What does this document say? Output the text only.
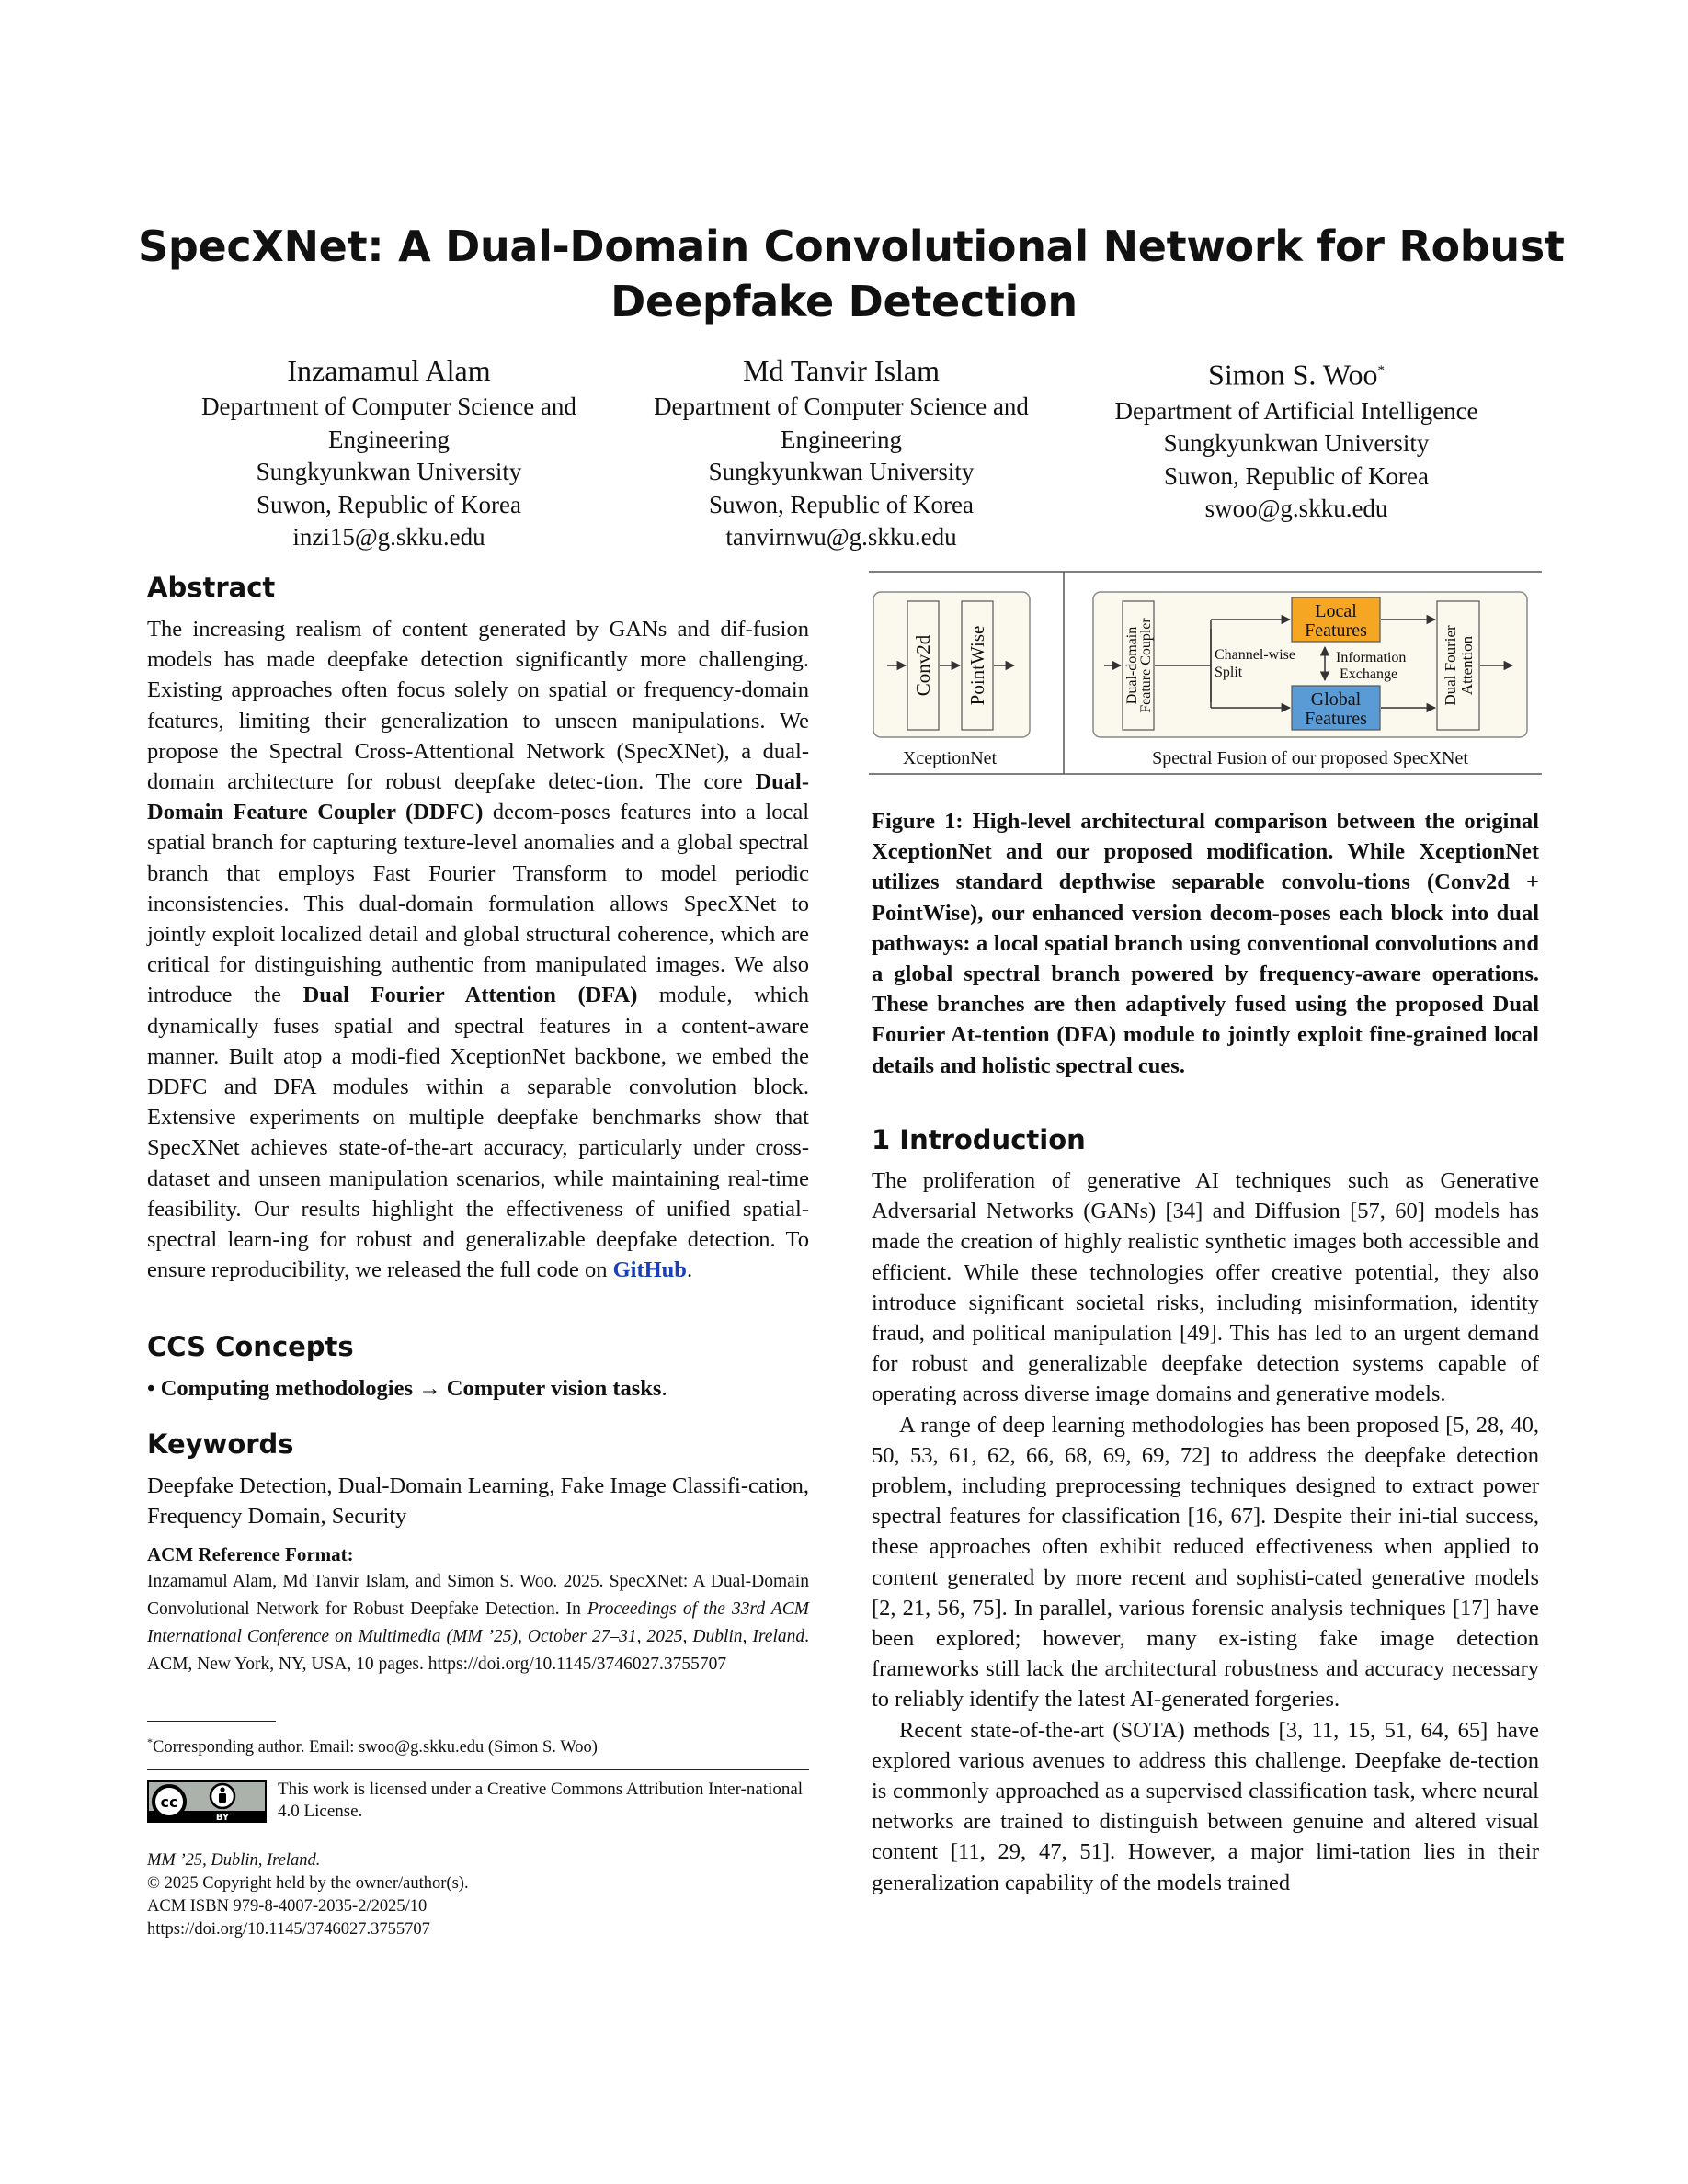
SpecXNet: A Dual-Domain Convolutional Network for Robust
Deepfake Detection
Inzamamul Alam
Department of Computer Science and
Engineering
Sungkyunkwan University
Suwon, Republic of Korea
inzi15@g.skku.edu
Md Tanvir Islam
Department of Computer Science and
Engineering
Sungkyunkwan University
Suwon, Republic of Korea
tanvirnwu@g.skku.edu
Simon S. Woo*
Department of Artificial Intelligence
Sungkyunkwan University
Suwon, Republic of Korea
swoo@g.skku.edu
Abstract

The increasing realism of content generated by GANs and dif-fusion models has made deepfake detection significantly more challenging. Existing approaches often focus solely on spatial or frequency-domain features, limiting their generalization to unseen manipulations. We propose the Spectral Cross-Attentional Network (SpecXNet), a dual-domain architecture for robust deepfake detec-tion. The core Dual-Domain Feature Coupler (DDFC) decom-poses features into a local spatial branch for capturing texture-level anomalies and a global spectral branch that employs Fast Fourier Transform to model periodic inconsistencies. This dual-domain formulation allows SpecXNet to jointly exploit localized detail and global structural coherence, which are critical for distinguishing authentic from manipulated images. We also introduce the Dual Fourier Attention (DFA) module, which dynamically fuses spatial and spectral features in a content-aware manner. Built atop a modi-fied XceptionNet backbone, we embed the DDFC and DFA modules within a separable convolution block. Extensive experiments on multiple deepfake benchmarks show that SpecXNet achieves state-of-the-art accuracy, particularly under cross-dataset and unseen manipulation scenarios, while maintaining real-time feasibility. Our results highlight the effectiveness of unified spatial-spectral learn-ing for robust and generalizable deepfake detection. To ensure reproducibility, we released the full code on GitHub.

CCS Concepts

• Computing methodologies → Computer vision tasks.

Keywords

Deepfake Detection, Dual-Domain Learning, Fake Image Classifi-cation, Frequency Domain, Security

ACM Reference Format:
Inzamamul Alam, Md Tanvir Islam, and Simon S. Woo. 2025. SpecXNet: A Dual-Domain Convolutional Network for Robust Deepfake Detection. In Proceedings of the 33rd ACM International Conference on Multimedia (MM ’25), October 27–31, 2025, Dublin, Ireland. ACM, New York, NY, USA, 10 pages. https://doi.org/10.1145/3746027.3755707
*Corresponding author. Email: swoo@g.skku.edu (Simon S. Woo)
cc
BY
This work is licensed under a Creative Commons Attribution Inter-national 4.0 License.
MM ’25, Dublin, Ireland.
© 2025 Copyright held by the owner/author(s).
ACM ISBN 979-8-4007-2035-2/2025/10
https://doi.org/10.1145/3746027.3755707
Conv2d PointWise
XceptionNet
Dual-domain
Feature Coupler	Channel-wise
Split
Local
Features
Global
Features
Information
Exchange	Dual Fourier Attention
Spectral Fusion of our proposed SpecXNet
Figure 1: High-level architectural comparison between the original XceptionNet and our proposed modification. While XceptionNet utilizes standard depthwise separable convolu-tions (Conv2d + PointWise), our enhanced version decom-poses each block into dual pathways: a local spatial branch using conventional convolutions and a global spectral branch powered by frequency-aware operations. These branches are then adaptively fused using the proposed Dual Fourier At-tention (DFA) module to jointly exploit fine-grained local details and holistic spectral cues.
1 Introduction

The proliferation of generative AI techniques such as Generative Adversarial Networks (GANs) [34] and Diffusion [57, 60] models has made the creation of highly realistic synthetic images both accessible and efficient. While these technologies offer creative potential, they also introduce significant societal risks, including misinformation, identity fraud, and political manipulation [49]. This has led to an urgent demand for robust and generalizable deepfake detection systems capable of operating across diverse image domains and generative models.

A range of deep learning methodologies has been proposed [5, 28, 40, 50, 53, 61, 62, 66, 68, 69, 69, 72] to address the deepfake detection problem, including preprocessing techniques designed to extract power spectral features for classification [16, 67]. Despite their ini-tial success, these approaches often exhibit reduced effectiveness when applied to content generated by more recent and sophisti-cated generative models [2, 21, 56, 75]. In parallel, various forensic analysis techniques [17] have been explored; however, many ex-isting fake image detection frameworks still lack the architectural robustness and accuracy necessary to reliably identify the latest AI-generated forgeries.

Recent state-of-the-art (SOTA) methods [3, 11, 15, 51, 64, 65] have explored various avenues to address this challenge. Deepfake de-tection is commonly approached as a supervised classification task, where neural networks are trained to distinguish between genuine and altered visual content [11, 29, 47, 51]. However, a major limi-tation lies in their generalization capability of the models trained
